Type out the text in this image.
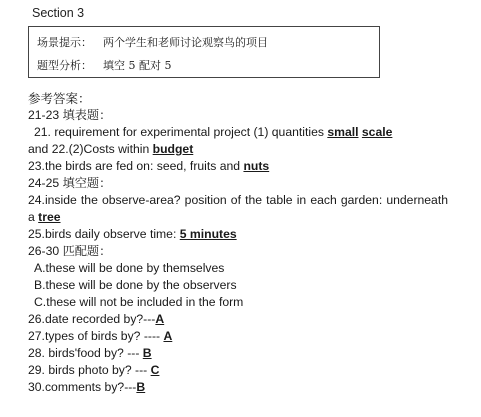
Section 3
场景提示： 两个学生和老师讨论观察鸟的项目
题型分析： 填空 5 配对 5
参考答案：
21-23 填表题：
21. requirement for experimental project (1) quantities small scale
and 22.(2)Costs within budget
23.the birds are fed on: seed, fruits and nuts
24-25 填空题：
24.inside the observe-area? position of the table in each garden: underneath a tree
25.birds daily observe time: 5 minutes
26-30 匹配题：
A.these will be done by themselves
B.these will be done by the observers
C.these will not be included in the form
26.date recorded by?---A
27.types of birds by? ---- A
28. birds'food by? --- B
29. birds photo by? --- C
30.comments by?---B
